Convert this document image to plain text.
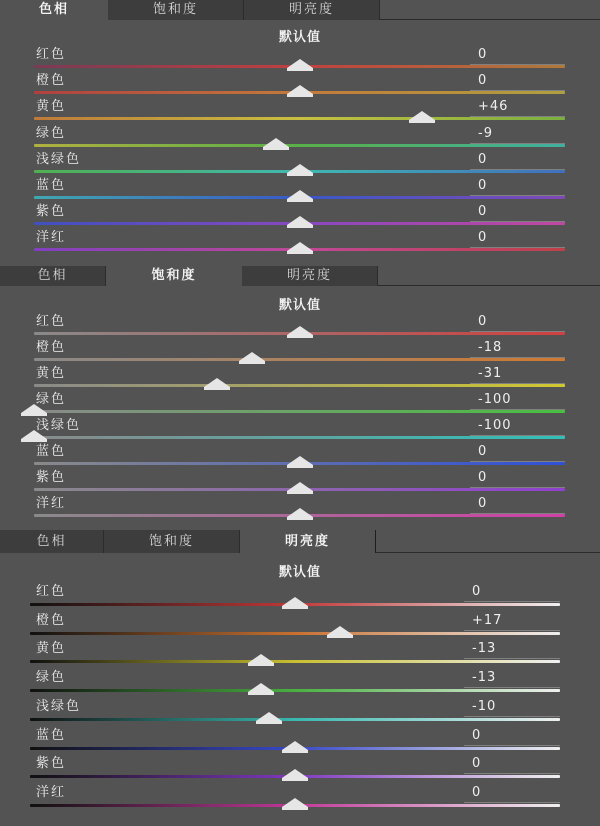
色相	饱和度	明亮度
默认值
红色	0
橙色	0
黄色	+46
绿色	-9
浅绿色	0
蓝色	0
紫色	0
洋红	0
色相	饱和度	明亮度
默认值
红色	0
橙色	-18
黄色	-31
绿色	-100
浅绿色	-100
蓝色	0
紫色	0
洋红	0
色相	饱和度	明亮度
默认值
红色	0
橙色	+17
黄色	-13
绿色	-13
浅绿色	-10
蓝色	0
紫色	0
洋红	0
